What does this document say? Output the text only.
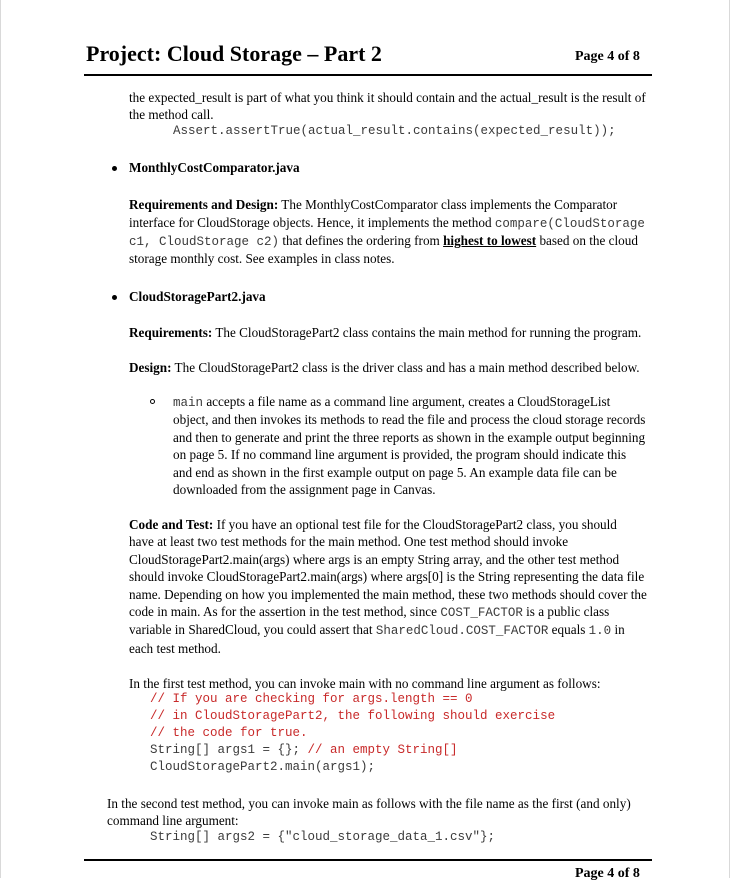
Project: Cloud Storage – Part 2	Page 4 of 8
the expected_result is part of what you think it should contain and the actual_result is the result of
the method call.
Assert.assertTrue(actual_result.contains(expected_result));
MonthlyCostComparator.java
Requirements and Design: The MonthlyCostComparator class implements the Comparator
interface for CloudStorage objects. Hence, it implements the method compare(CloudStorage
c1, CloudStorage c2) that defines the ordering from highest to lowest based on the cloud
storage monthly cost. See examples in class notes.
CloudStoragePart2.java
Requirements: The CloudStoragePart2 class contains the main method for running the program.
Design: The CloudStoragePart2 class is the driver class and has a main method described below.
main accepts a file name as a command line argument, creates a CloudStorageList
object, and then invokes its methods to read the file and process the cloud storage records
and then to generate and print the three reports as shown in the example output beginning
on page 5. If no command line argument is provided, the program should indicate this
and end as shown in the first example output on page 5. An example data file can be
downloaded from the assignment page in Canvas.
Code and Test: If you have an optional test file for the CloudStoragePart2 class, you should
have at least two test methods for the main method. One test method should invoke
CloudStoragePart2.main(args) where args is an empty String array, and the other test method
should invoke CloudStoragePart2.main(args) where args[0] is the String representing the data file
name. Depending on how you implemented the main method, these two methods should cover the
code in main. As for the assertion in the test method, since COST_FACTOR is a public class
variable in SharedCloud, you could assert that SharedCloud.COST_FACTOR equals 1.0 in
each test method.
In the first test method, you can invoke main with no command line argument as follows:
// If you are checking for args.length == 0
// in CloudStoragePart2, the following should exercise
// the code for true.
String[] args1 = {}; // an empty String[]
CloudStoragePart2.main(args1);
In the second test method, you can invoke main as follows with the file name as the first (and only)
command line argument:
String[] args2 = {"cloud_storage_data_1.csv"};
Page 4 of 8
